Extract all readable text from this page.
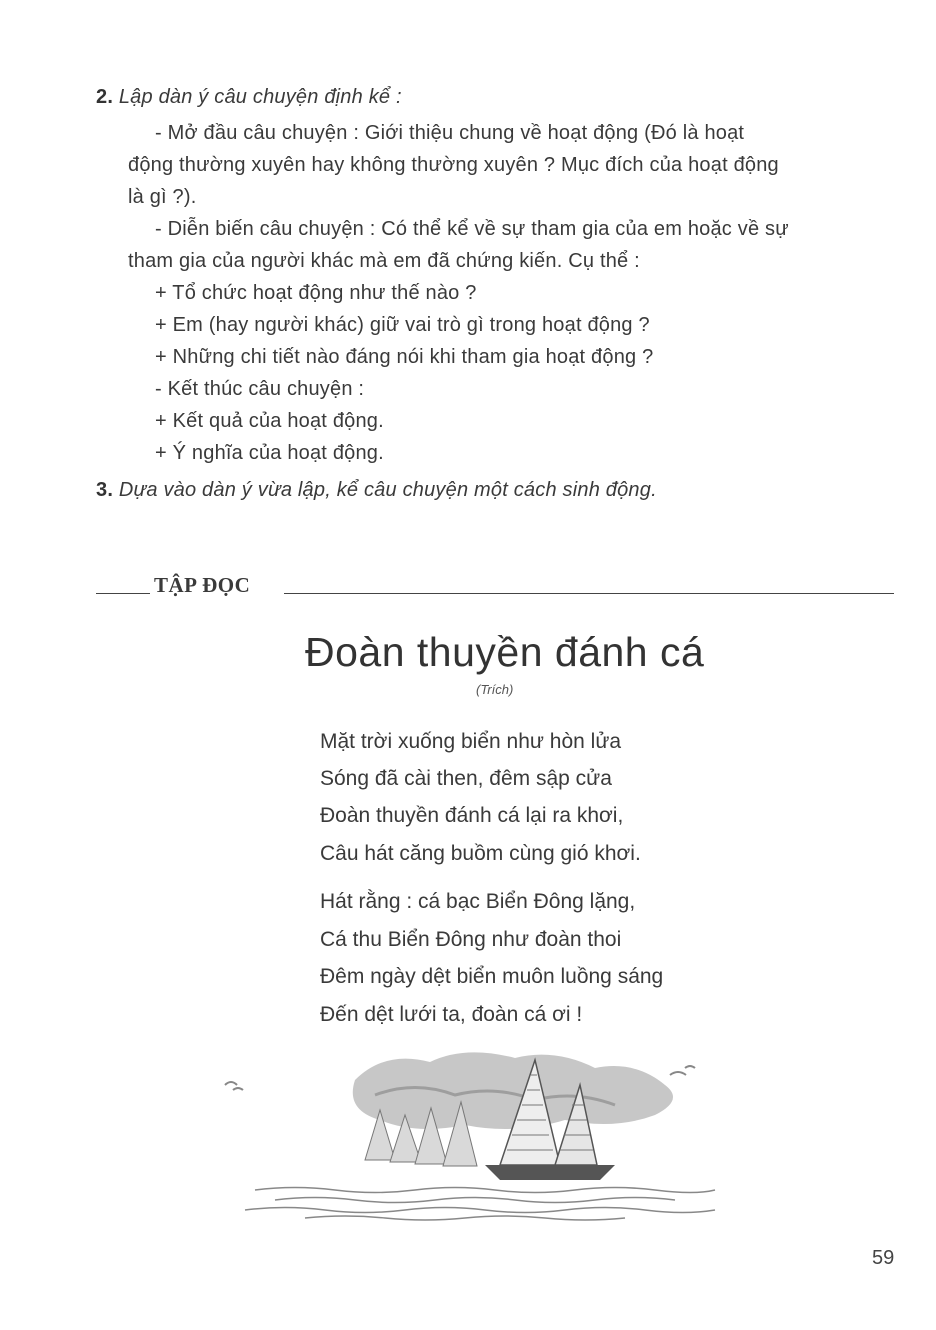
2. Lập dàn ý câu chuyện định kể :
- Mở đầu câu chuyện : Giới thiệu chung về hoạt động (Đó là hoạt
động thường xuyên hay không thường xuyên ? Mục đích của hoạt động
là gì ?).
- Diễn biến câu chuyện : Có thể kể về sự tham gia của em hoặc về sự
tham gia của người khác mà em đã chứng kiến. Cụ thể :
+ Tổ chức hoạt động như thế nào ?
+ Em (hay người khác) giữ vai trò gì trong hoạt động ?
+ Những chi tiết nào đáng nói khi tham gia hoạt động ?
- Kết thúc câu chuyện :
+ Kết quả của hoạt động.
+ Ý nghĩa của hoạt động.
3. Dựa vào dàn ý vừa lập, kể câu chuyện một cách sinh động.
TẬP ĐỌC
Đoàn thuyền đánh cá
(Trích)
Mặt trời xuống biển như hòn lửa
Sóng đã cài then, đêm sập cửa
Đoàn thuyền đánh cá lại ra khơi,
Câu hát căng buồm cùng gió khơi.
Hát rằng : cá bạc Biển Đông lặng,
Cá thu Biển Đông như đoàn thoi
Đêm ngày dệt biển muôn luồng sáng
Đến dệt lưới ta, đoàn cá ơi !
59
